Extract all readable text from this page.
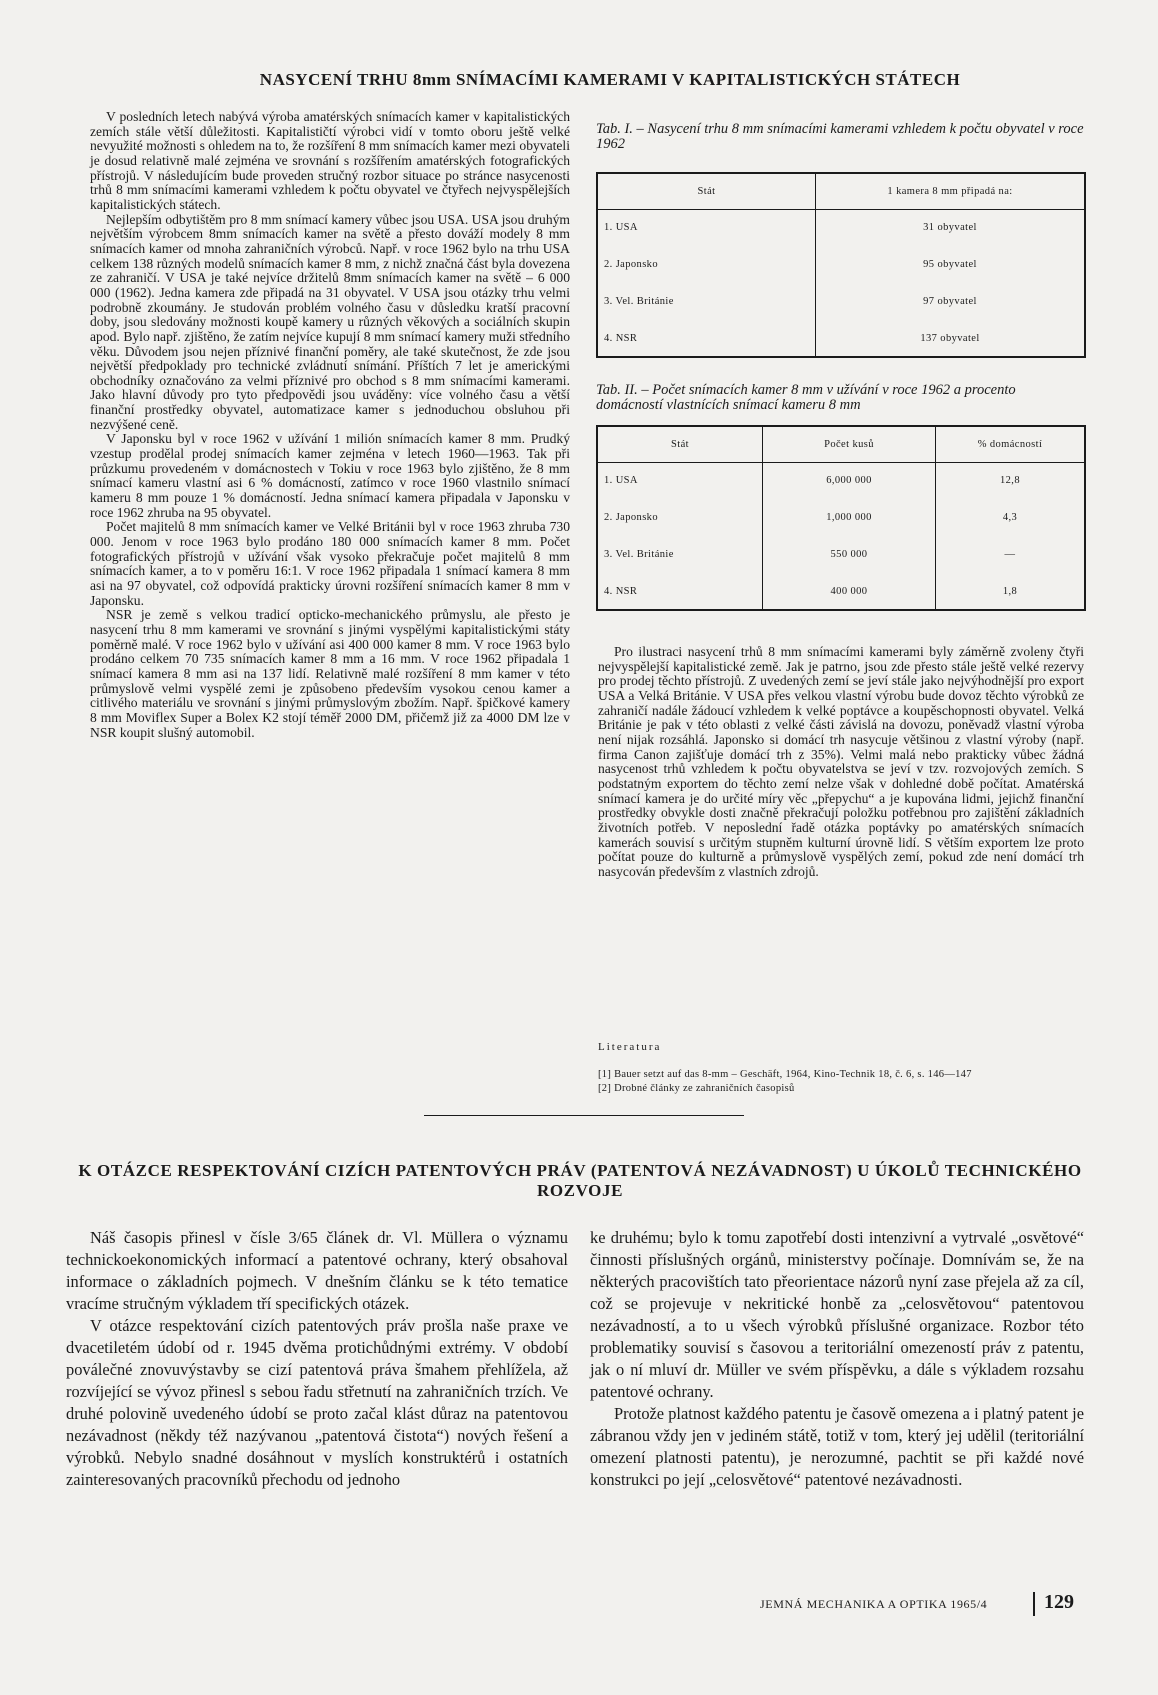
NASYCENÍ TRHU 8mm SNÍMACÍMI KAMERAMI V KAPITALISTICKÝCH STÁTECH

V posledních letech nabývá výroba amatérských snímacích kamer v kapitalistických zemích stále větší důležitosti. Kapitalističtí výrobci vidí v tomto oboru ještě velké nevyužité možnosti s ohledem na to, že rozšíření 8 mm snímacích kamer mezi obyvateli je dosud relativně malé zejména ve srovnání s rozšířením amatérských fotografických přístrojů. V následujícím bude proveden stručný rozbor situace po stránce nasycenosti trhů 8 mm snímacími kamerami vzhledem k počtu obyvatel ve čtyřech nejvyspělejších kapitalistických státech.

Nejlepším odbytištěm pro 8 mm snímací kamery vůbec jsou USA. USA jsou druhým největším výrobcem 8mm snímacích kamer na světě a přesto dováží modely 8 mm snímacích kamer od mnoha zahraničních výrobců. Např. v roce 1962 bylo na trhu USA celkem 138 různých modelů snímacích kamer 8 mm, z nichž značná část byla dovezena ze zahraničí. V USA je také nejvíce držitelů 8mm snímacích kamer na světě – 6 000 000 (1962). Jedna kamera zde připadá na 31 obyvatel. V USA jsou otázky trhu velmi podrobně zkoumány. Je studován problém volného času v důsledku kratší pracovní doby, jsou sledovány možnosti koupě kamery u různých věkových a sociálních skupin apod. Bylo např. zjištěno, že zatím nejvíce kupují 8 mm snímací kamery muži středního věku. Důvodem jsou nejen příznivé finanční poměry, ale také skutečnost, že zde jsou největší předpoklady pro technické zvládnutí snímání. Příštích 7 let je americkými obchodníky označováno za velmi příznivé pro obchod s 8 mm snímacími kamerami. Jako hlavní důvody pro tyto předpovědi jsou uváděny: více volného času a větší finanční prostředky obyvatel, automatizace kamer s jednoduchou obsluhou při nezvýšené ceně.

V Japonsku byl v roce 1962 v užívání 1 milión snímacích kamer 8 mm. Prudký vzestup prodělal prodej snímacích kamer zejména v letech 1960—1963. Tak při průzkumu provedeném v domácnostech v Tokiu v roce 1963 bylo zjištěno, že 8 mm snímací kameru vlastní asi 6 % domácností, zatímco v roce 1960 vlastnilo snímací kameru 8 mm pouze 1 % domácností. Jedna snímací kamera připadala v Japonsku v roce 1962 zhruba na 95 obyvatel.

Počet majitelů 8 mm snímacích kamer ve Velké Británii byl v roce 1963 zhruba 730 000. Jenom v roce 1963 bylo prodáno 180 000 snímacích kamer 8 mm. Počet fotografických přístrojů v užívání však vysoko překračuje počet majitelů 8 mm snímacích kamer, a to v poměru 16:1. V roce 1962 připadala 1 snímací kamera 8 mm asi na 97 obyvatel, což odpovídá prakticky úrovni rozšíření snímacích kamer 8 mm v Japonsku.

NSR je země s velkou tradicí opticko-mechanického průmyslu, ale přesto je nasycení trhu 8 mm kamerami ve srovnání s jinými vyspělými kapitalistickými státy poměrně malé. V roce 1962 bylo v užívání asi 400 000 kamer 8 mm. V roce 1963 bylo prodáno celkem 70 735 snímacích kamer 8 mm a 16 mm. V roce 1962 připadala 1 snímací kamera 8 mm asi na 137 lidí. Relativně malé rozšíření 8 mm kamer v této průmyslově velmi vyspělé zemi je způsobeno především vysokou cenou kamer a citlivého materiálu ve srovnání s jinými průmyslovým zbožím. Např. špičkové kamery 8 mm Moviflex Super a Bolex K2 stojí téměř 2000 DM, přičemž již za 4000 DM lze v NSR koupit slušný automobil.

Tab. I. – Nasycení trhu 8 mm snímacími kamerami vzhledem k počtu obyvatel v roce 1962
Stát	1 kamera 8 mm připadá na:
1. USA	31 obyvatel
2. Japonsko	95 obyvatel
3. Vel. Británie	97 obyvatel
4. NSR	137 obyvatel
Tab. II. – Počet snímacích kamer 8 mm v užívání v roce 1962 a procento domácností vlastnících snímací kameru 8 mm
Stát	Počet kusů	% domácností
1. USA	6,000 000	12,8
2. Japonsko	1,000 000	4,3
3. Vel. Británie	550 000	—
4. NSR	400 000	1,8

Pro ilustraci nasycení trhů 8 mm snímacími kamerami byly záměrně zvoleny čtyři nejvyspělejší kapitalistické země. Jak je patrno, jsou zde přesto stále ještě velké rezervy pro prodej těchto přístrojů. Z uvedených zemí se jeví stále jako nejvýhodnější pro export USA a Velká Británie. V USA přes velkou vlastní výrobu bude dovoz těchto výrobků ze zahraničí nadále žádoucí vzhledem k velké poptávce a koupěschopnosti obyvatel. Velká Británie je pak v této oblasti z velké části závislá na dovozu, poněvadž vlastní výroba není nijak rozsáhlá. Japonsko si domácí trh nasycuje většinou z vlastní výroby (např. firma Canon zajišťuje domácí trh z 35%). Velmi malá nebo prakticky vůbec žádná nasycenost trhů vzhledem k počtu obyvatelstva se jeví v tzv. rozvojových zemích. S podstatným exportem do těchto zemí nelze však v dohledné době počítat. Amatérská snímací kamera je do určité míry věc „přepychu“ a je kupována lidmi, jejichž finanční prostředky obvykle dosti značně překračují položku potřebnou pro zajištění základních životních potřeb. V neposlední řadě otázka poptávky po amatérských snímacích kamerách souvisí s určitým stupněm kulturní úrovně lidí. S větším exportem lze proto počítat pouze do kulturně a průmyslově vyspělých zemí, pokud zde není domácí trh nasycován především z vlastních zdrojů.

Literatura
[1] Bauer setzt auf das 8-mm – Geschäft, 1964, Kino-Technik 18, č. 6, s. 146—147
[2] Drobné články ze zahraničních časopisů
K OTÁZCE RESPEKTOVÁNÍ CIZÍCH PATENTOVÝCH PRÁV (PATENTOVÁ NEZÁVADNOST) U ÚKOLŮ TECHNICKÉHO ROZVOJE

Náš časopis přinesl v čísle 3/65 článek dr. Vl. Müllera o významu technickoekonomických informací a patentové ochrany, který obsahoval informace o základních pojmech. V dnešním článku se k této tematice vracíme stručným výkladem tří specifických otázek.

V otázce respektování cizích patentových práv prošla naše praxe ve dvacetiletém údobí od r. 1945 dvěma protichůdnými extrémy. V období poválečné znovuvýstavby se cizí patentová práva šmahem přehlížela, až rozvíjející se vývoz přinesl s sebou řadu střetnutí na zahraničních trzích. Ve druhé polovině uvedeného údobí se proto začal klást důraz na patentovou nezávadnost (někdy též nazývanou „patentová čistota“) nových řešení a výrobků. Nebylo snadné dosáhnout v myslích konstruktérů i ostatních zainteresovaných pracovníků přechodu od jednoho

ke druhému; bylo k tomu zapotřebí dosti intenzivní a vytrvalé „osvětové“ činnosti příslušných orgánů, ministerstvy počínaje. Domnívám se, že na některých pracovištích tato přeorientace názorů nyní zase přejela až za cíl, což se projevuje v nekritické honbě za „celosvětovou“ patentovou nezávadností, a to u všech výrobků příslušné organizace. Rozbor této problematiky souvisí s časovou a teritoriální omezeností práv z patentu, jak o ní mluví dr. Müller ve svém příspěvku, a dále s výkladem rozsahu patentové ochrany.

Protože platnost každého patentu je časově omezena a i platný patent je zábranou vždy jen v jediném státě, totiž v tom, který jej udělil (teritoriální omezení platnosti patentu), je nerozumné, pachtit se při každé nové konstrukci po její „celosvětové“ patentové nezávadnosti.

JEMNÁ MECHANIKA A OPTIKA 1965/4	129
